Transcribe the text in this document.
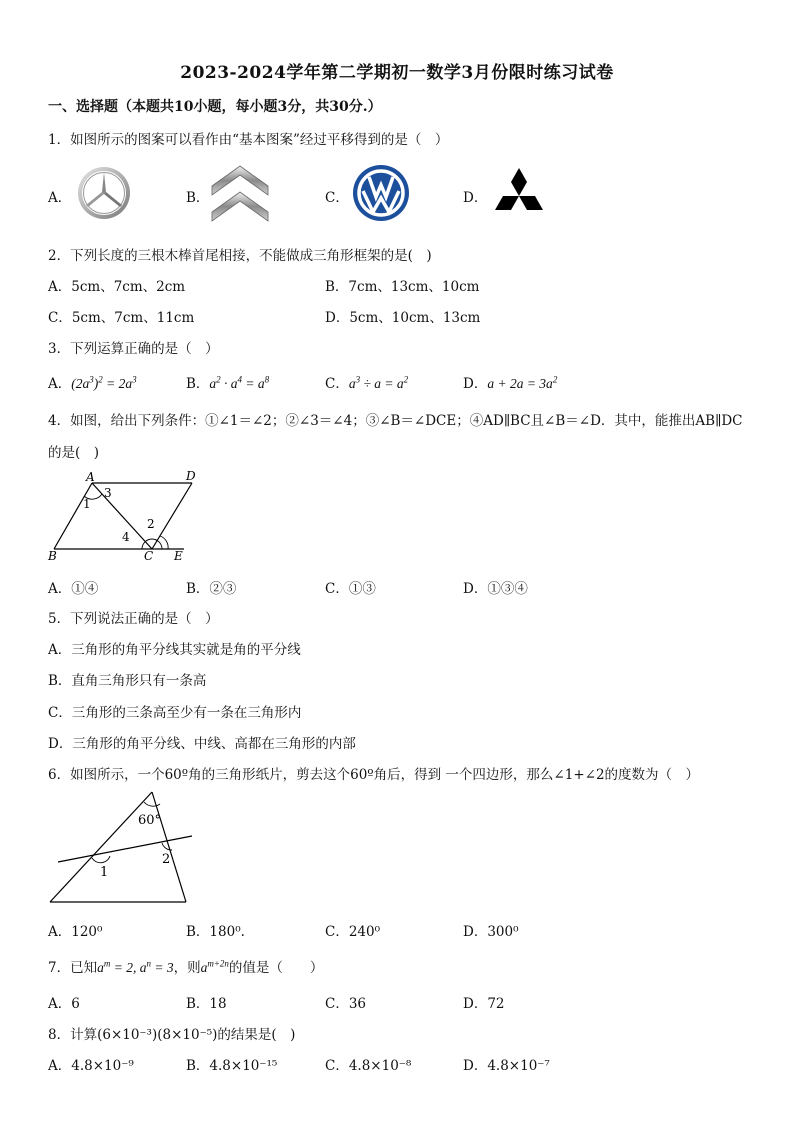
2023-2024学年第二学期初一数学3月份限时练习试卷
一、选择题（本题共10小题，每小题3分，共30分.）
1．如图所示的图案可以看作由“基本图案”经过平移得到的是（　）
A．	B．	C．	D．
2．下列长度的三根木棒首尾相接，不能做成三角形框架的是(　)
A．5cm、7cm、2cm	B．7cm、13cm、10cm
C．5cm、7cm、11cm	D．5cm、10cm、13cm
3．下列运算正确的是（　）
A．$(2a^3)^2 = 2a^3$	B．$a^2 \cdot a^4 = a^8$	C．$a^3 \div a = a^2$	D．$a + 2a = 3a^2$
4．如图，给出下列条件：①∠1＝∠2；②∠3＝∠4；③∠B＝∠DCE；④AD∥BC且∠B＝∠D．其中，能推出AB∥DC
的是(　)
A	D
B	C E
1
3
2
4
A．①④	B．②③	C．①③	D．①③④
5．下列说法正确的是（　）
A．三角形的角平分线其实就是角的平分线
B．直角三角形只有一条高
C．三角形的三条高至少有一条在三角形内
D．三角形的角平分线、中线、高都在三角形的内部
6．如图所示，一个60º角的三角形纸片，剪去这个60º角后，得到 一个四边形，那么∠1+∠2的度数为（　）
60°
1
2
A．120⁰	B．180⁰.	C．240⁰	D．300⁰
7．已知$a^m = 2$, $a^n = 3$，则$a^{m+2n}$的值是（　　）
A．6	B．18	C．36	D．72
8．计算(6×10⁻³)(8×10⁻⁵)的结果是(　)
A．4.8×10⁻⁹	B．4.8×10⁻¹⁵	C．4.8×10⁻⁸	D．4.8×10⁻⁷
